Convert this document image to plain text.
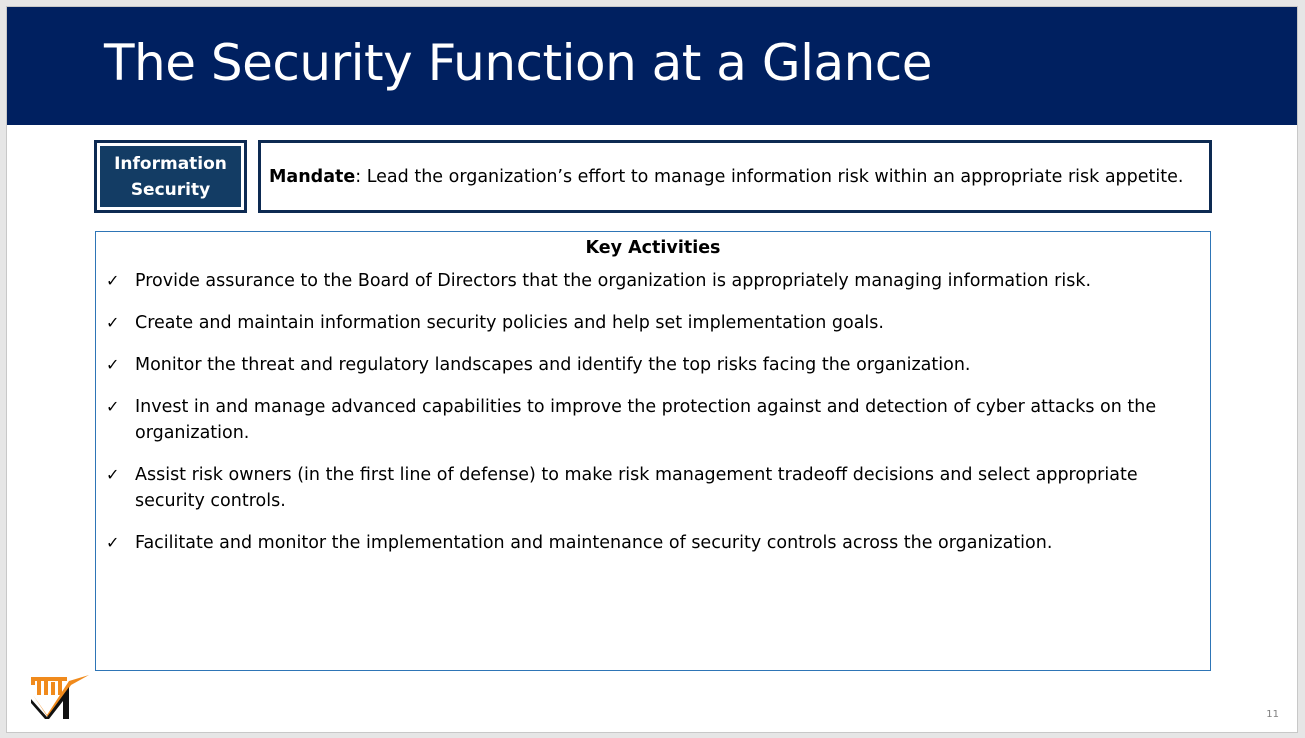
The Security Function at a Glance
Information Security
Mandate: Lead the organization’s effort to manage information risk within an appropriate risk appetite.
Key Activities
✓ Provide assurance to the Board of Directors that the organization is appropriately managing information risk.
✓ Create and maintain information security policies and help set implementation goals.
✓ Monitor the threat and regulatory landscapes and identify the top risks facing the organization.
✓ Invest in and manage advanced capabilities to improve the protection against and detection of cyber attacks on the organization.
✓ Assist risk owners (in the first line of defense) to make risk management tradeoff decisions and select appropriate security controls.
✓ Facilitate and monitor the implementation and maintenance of security controls across the organization.
11
